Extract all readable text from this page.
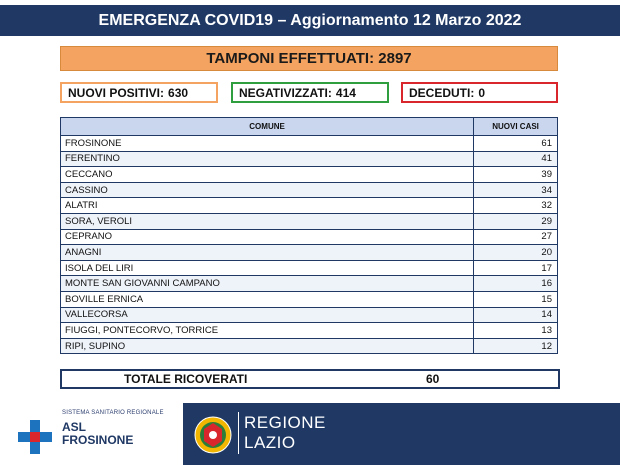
EMERGENZA COVID19 – Aggiornamento 12 Marzo 2022
TAMPONI EFFETTUATI: 2897
NUOVI POSITIVI: 630	NEGATIVIZZATI: 414	DECEDUTI: 0
COMUNE	NUOVI CASI
FROSINONE	61
FERENTINO	41
CECCANO	39
CASSINO	34
ALATRI	32
SORA, VEROLI	29
CEPRANO	27
ANAGNI	20
ISOLA DEL LIRI	17
MONTE SAN GIOVANNI CAMPANO	16
BOVILLE ERNICA	15
VALLECORSA	14
FIUGGI, PONTECORVO, TORRICE	13
RIPI, SUPINO	12
TOTALE RICOVERATI	60
SISTEMA SANITARIO REGIONALE
ASL
FROSINONE
REGIONE
LAZIO
